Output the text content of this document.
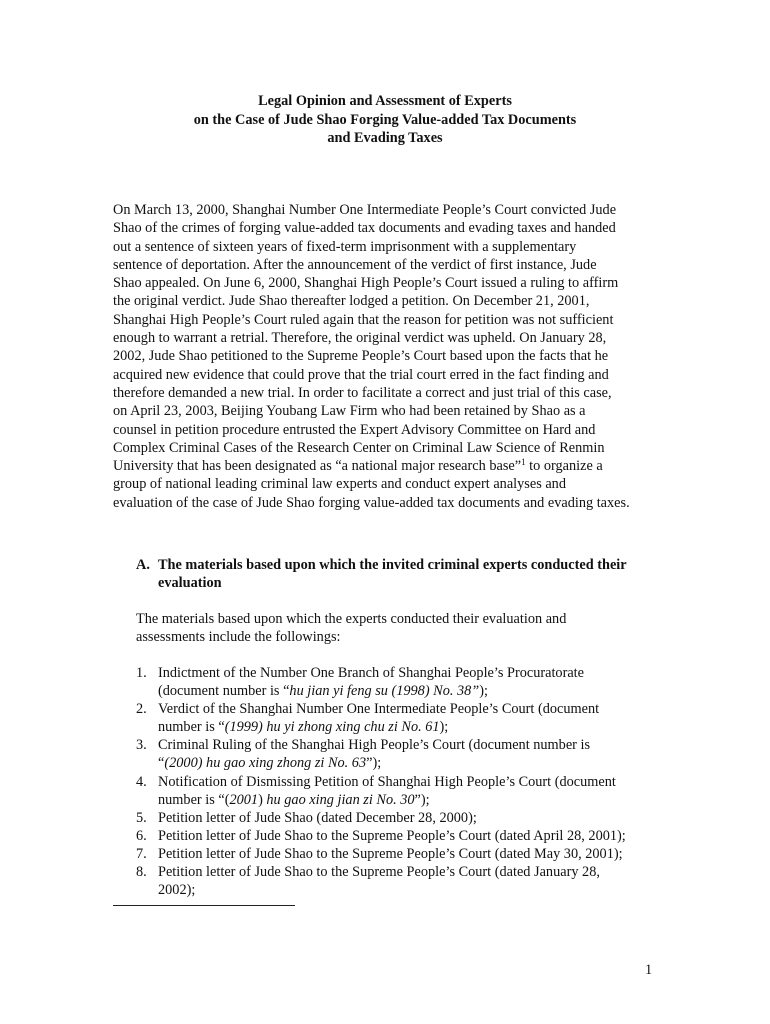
Legal Opinion and Assessment of Experts
on the Case of Jude Shao Forging Value-added Tax Documents
and Evading Taxes
On March 13, 2000, Shanghai Number One Intermediate People’s Court convicted Jude
Shao of the crimes of forging value-added tax documents and evading taxes and handed
out a sentence of sixteen years of fixed-term imprisonment with a supplementary
sentence of deportation. After the announcement of the verdict of first instance, Jude
Shao appealed. On June 6, 2000, Shanghai High People’s Court issued a ruling to affirm
the original verdict. Jude Shao thereafter lodged a petition. On December 21, 2001,
Shanghai High People’s Court ruled again that the reason for petition was not sufficient
enough to warrant a retrial. Therefore, the original verdict was upheld. On January 28,
2002, Jude Shao petitioned to the Supreme People’s Court based upon the facts that he
acquired new evidence that could prove that the trial court erred in the fact finding and
therefore demanded a new trial. In order to facilitate a correct and just trial of this case,
on April 23, 2003, Beijing Youbang Law Firm who had been retained by Shao as a
counsel in petition procedure entrusted the Expert Advisory Committee on Hard and
Complex Criminal Cases of the Research Center on Criminal Law Science of Renmin
University that has been designated as “a national major research base”$^1$ to organize a
group of national leading criminal law experts and conduct expert analyses and
evaluation of the case of Jude Shao forging value-added tax documents and evading taxes.
A. The materials based upon which the invited criminal experts conducted their
evaluation
The materials based upon which the experts conducted their evaluation and
assessments include the followings:
1. Indictment of the Number One Branch of Shanghai People’s Procuratorate
(document number is “hu jian yi feng su (1998) No. 38”);
2. Verdict of the Shanghai Number One Intermediate People’s Court (document
number is “(1999) hu yi zhong xing chu zi No. 61);
3. Criminal Ruling of the Shanghai High People’s Court (document number is
“(2000) hu gao xing zhong zi No. 63”);
4. Notification of Dismissing Petition of Shanghai High People’s Court (document
number is “(2001) hu gao xing jian zi No. 30”);
5. Petition letter of Jude Shao (dated December 28, 2000);
6. Petition letter of Jude Shao to the Supreme People’s Court (dated April 28, 2001);
7. Petition letter of Jude Shao to the Supreme People’s Court (dated May 30, 2001);
8. Petition letter of Jude Shao to the Supreme People’s Court (dated January 28,
2002);
1
